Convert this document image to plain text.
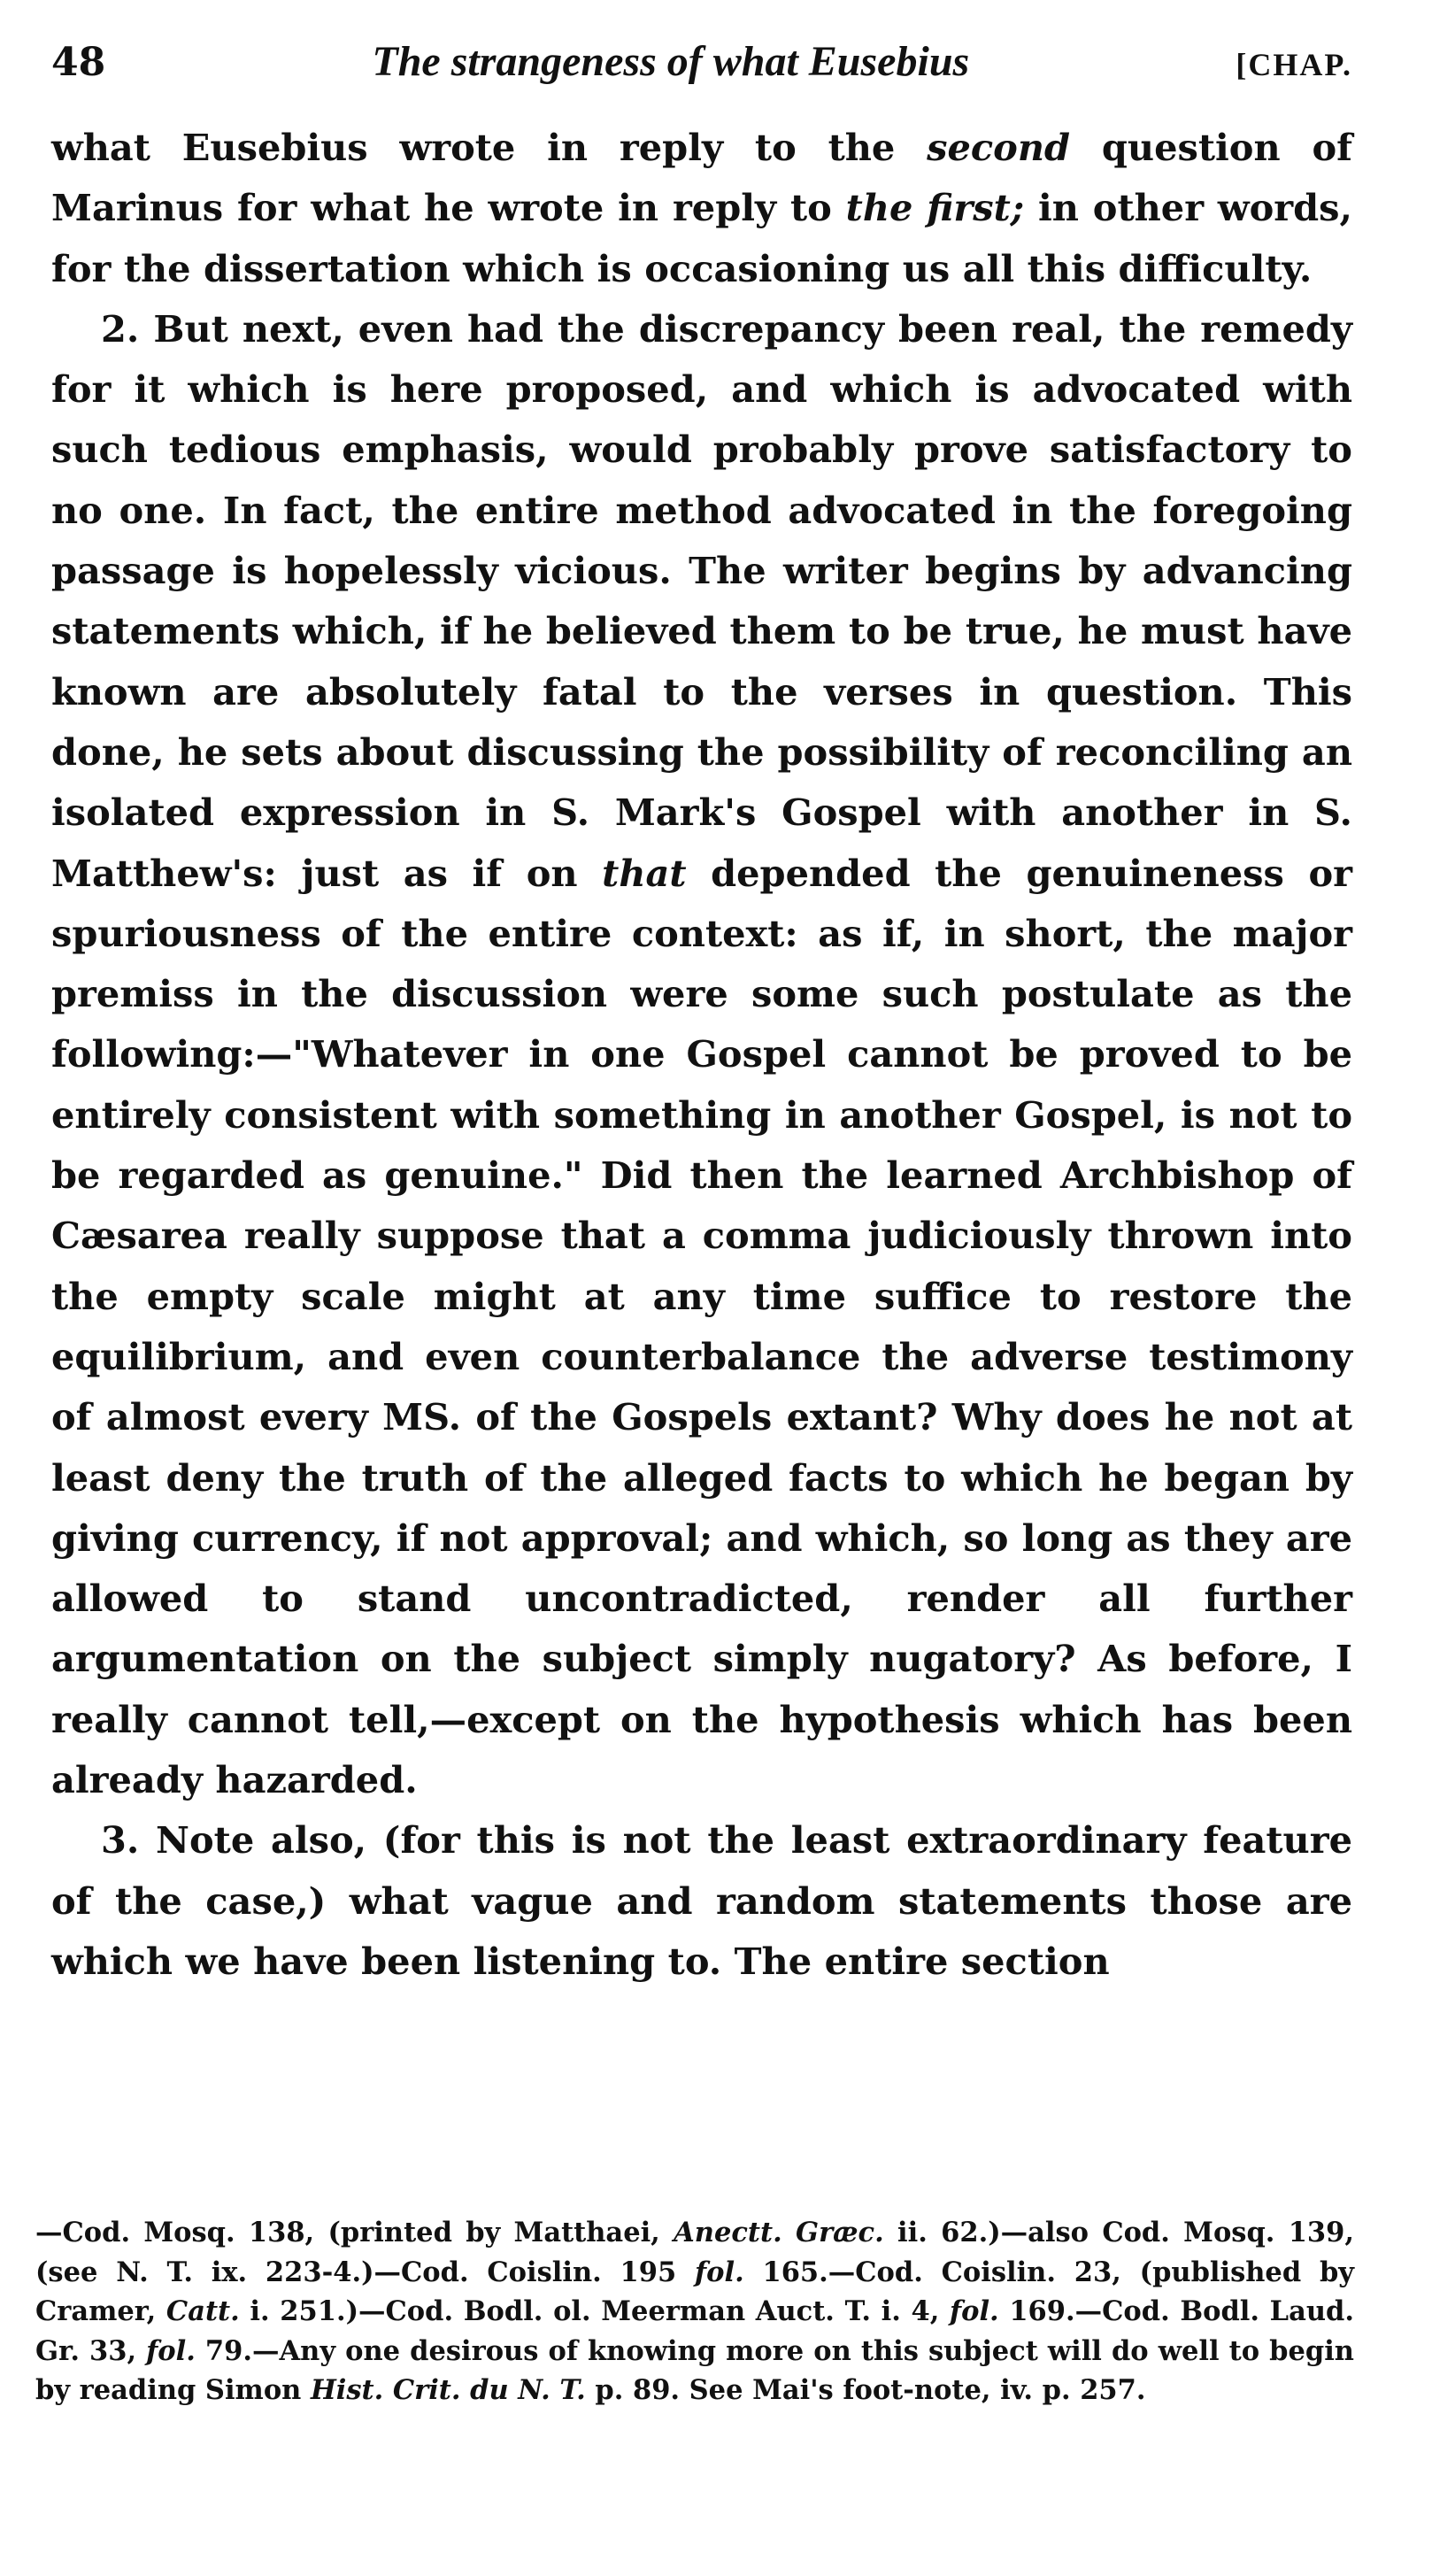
48	The strangeness of what Eusebius	[CHAP.

what Eusebius wrote in reply to the second question of Marinus for what he wrote in reply to the first; in other words, for the dissertation which is occasioning us all this difficulty.

2. But next, even had the discrepancy been real, the remedy for it which is here proposed, and which is advocated with such tedious emphasis, would probably prove satisfactory to no one. In fact, the entire method advocated in the foregoing passage is hopelessly vicious. The writer begins by advancing statements which, if he believed them to be true, he must have known are absolutely fatal to the verses in question. This done, he sets about discussing the possibility of reconciling an isolated expression in S. Mark's Gospel with another in S. Matthew's: just as if on that depended the genuineness or spuriousness of the entire context: as if, in short, the major premiss in the discussion were some such postulate as the following:—"Whatever in one Gospel cannot be proved to be entirely consistent with something in another Gospel, is not to be regarded as genuine." Did then the learned Archbishop of Cæsarea really suppose that a comma judiciously thrown into the empty scale might at any time suffice to restore the equilibrium, and even counterbalance the adverse testimony of almost every MS. of the Gospels extant? Why does he not at least deny the truth of the alleged facts to which he began by giving currency, if not approval; and which, so long as they are allowed to stand uncontradicted, render all further argumentation on the subject simply nugatory? As before, I really cannot tell,—except on the hypothesis which has been already hazarded.

3. Note also, (for this is not the least extraordinary feature of the case,) what vague and random statements those are which we have been listening to. The entire section

—Cod. Mosq. 138, (printed by Matthaei, Anectt. Græc. ii. 62.)—also Cod. Mosq. 139, (see N. T. ix. 223-4.)—Cod. Coislin. 195 fol. 165.—Cod. Coislin. 23, (published by Cramer, Catt. i. 251.)—Cod. Bodl. ol. Meerman Auct. T. i. 4, fol. 169.—Cod. Bodl. Laud. Gr. 33, fol. 79.—Any one desirous of knowing more on this subject will do well to begin by reading Simon Hist. Crit. du N. T. p. 89. See Mai's foot-note, iv. p. 257.
